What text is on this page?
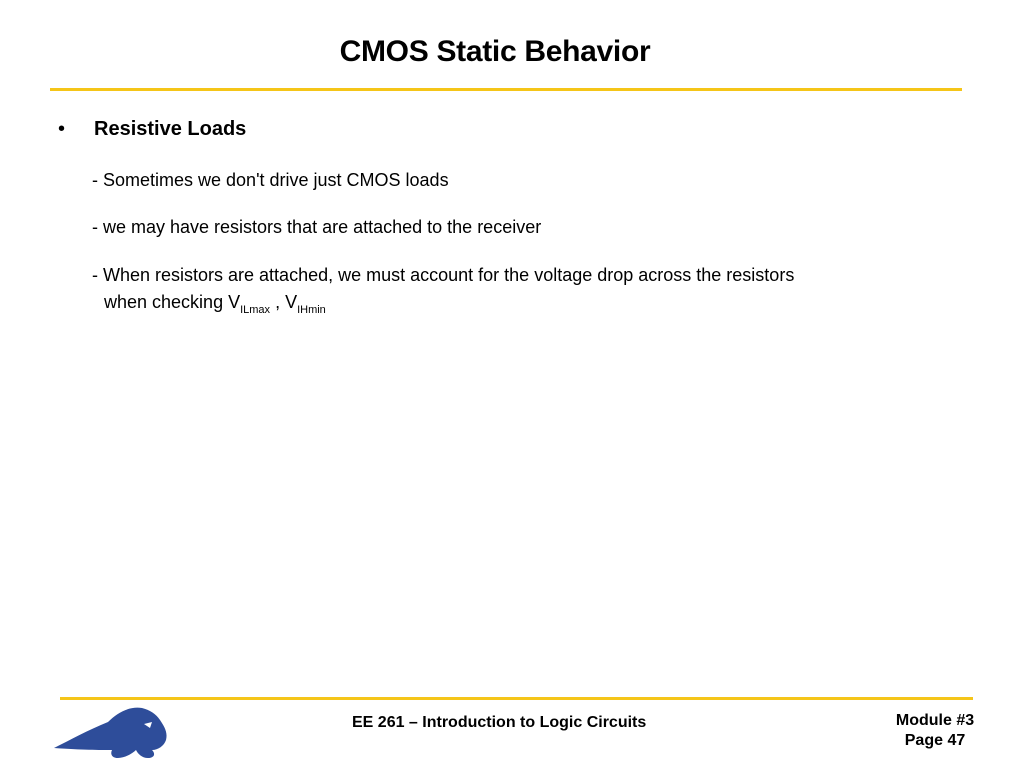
CMOS Static Behavior
• Resistive Loads
- Sometimes we don't drive just CMOS loads
- we may have resistors that are attached to the receiver
- When resistors are attached, we must account for the voltage drop across the resistors
when checking $V_{ILmax}$ , $V_{IHmin}$
EE 261 – Introduction to Logic Circuits	Module #3
Page 47
